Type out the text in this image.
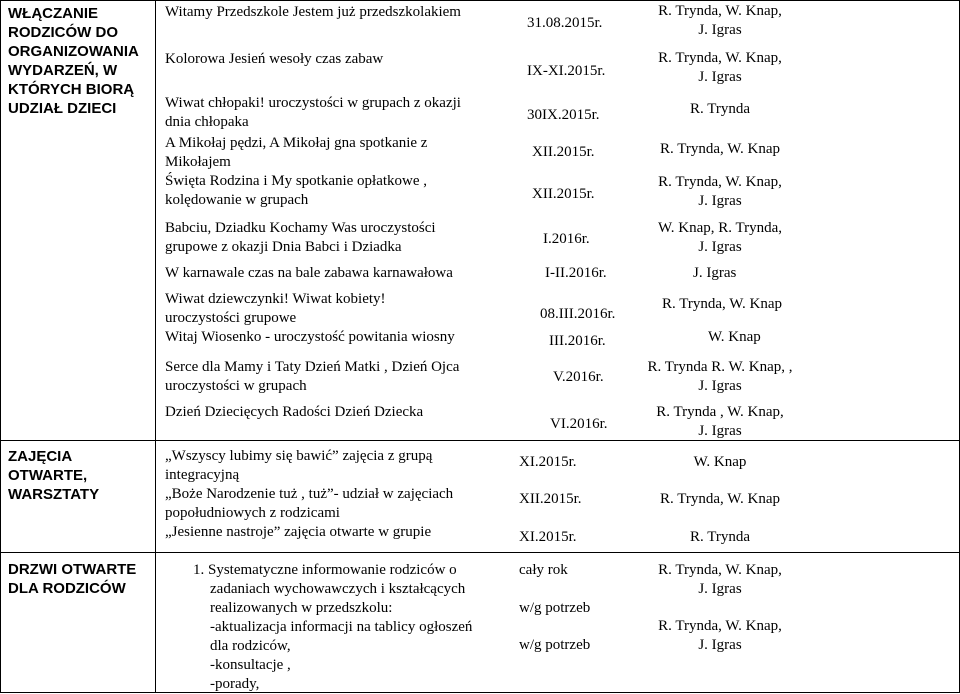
WŁĄCZANIE
RODZICÓW DO
ORGANIZOWANIA
WYDARZEŃ, W
KTÓRYCH BIORĄ
UDZIAŁ DZIECI
ZAJĘCIA
OTWARTE,
WARSZTATY
DRZWI OTWARTE
DLA RODZICÓW
Witamy Przedszkole Jestem już przedszkolakiem
Kolorowa Jesień wesoły czas zabaw
Wiwat chłopaki! uroczystości w grupach z okazji
dnia chłopaka
A Mikołaj pędzi, A Mikołaj gna spotkanie z
Mikołajem
Święta Rodzina i My spotkanie opłatkowe ,
kolędowanie w grupach
Babciu, Dziadku Kochamy Was uroczystości
grupowe z okazji Dnia Babci i Dziadka
W karnawale czas na bale zabawa karnawałowa
Wiwat dziewczynki! Wiwat kobiety!
uroczystości grupowe
Witaj Wiosenko - uroczystość powitania wiosny
Serce dla Mamy i Taty Dzień Matki , Dzień Ojca
uroczystości w grupach
Dzień Dziecięcych Radości Dzień Dziecka
31.08.2015r.
IX-XI.2015r.
30IX.2015r.
XII.2015r.
XII.2015r.
I.2016r.
I-II.2016r.
08.III.2016r.
III.2016r.
V.2016r.
VI.2016r.
R. Trynda, W. Knap,
J. Igras
R. Trynda, W. Knap,
J. Igras
R. Trynda
R. Trynda, W. Knap
R. Trynda, W. Knap,
J. Igras
W. Knap, R. Trynda,
J. Igras
J. Igras
R. Trynda, W. Knap
W. Knap
R. Trynda R. W. Knap, ,
J. Igras
R. Trynda , W. Knap,
J. Igras
„Wszyscy lubimy się bawić” zajęcia z grupą
integracyjną
„Boże Narodzenie tuż , tuż”- udział w zajęciach
popołudniowych z rodzicami
„Jesienne nastroje” zajęcia otwarte w grupie
XI.2015r.
XII.2015r.
XI.2015r.
W. Knap
R. Trynda, W. Knap
R. Trynda
1. Systematyczne informowanie rodziców o
zadaniach wychowawczych i kształcących
realizowanych w przedszkolu:
-aktualizacja informacji na tablicy ogłoszeń
dla rodziców,
-konsultacje ,
-porady,
cały rok
w/g potrzeb
w/g potrzeb
R. Trynda, W. Knap,
J. Igras
R. Trynda, W. Knap,
J. Igras
